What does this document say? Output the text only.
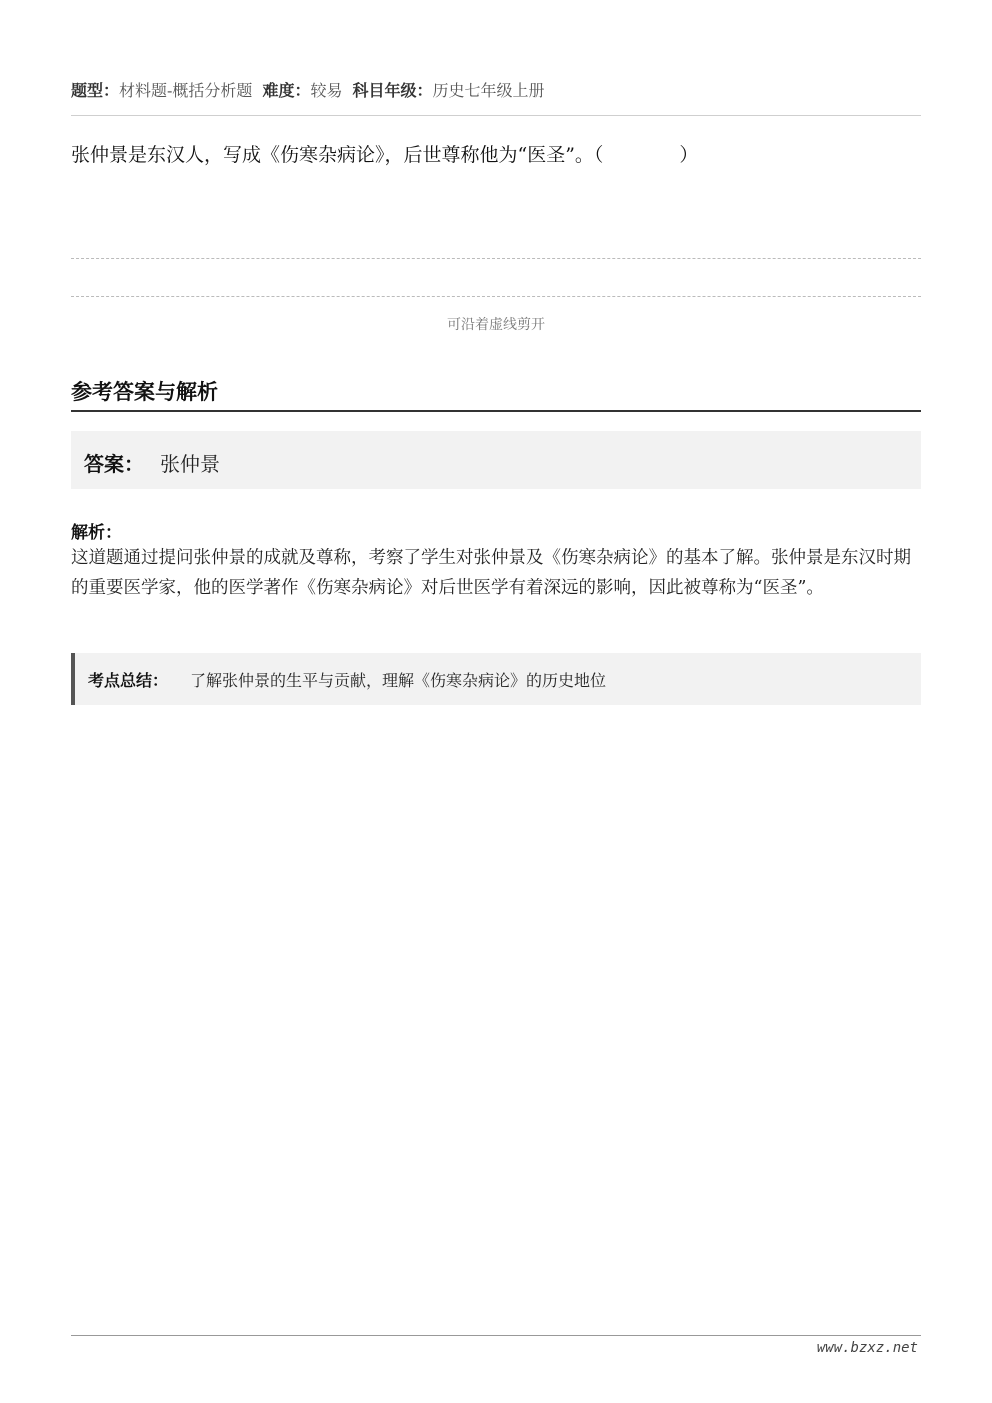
题型：材料题-概括分析题 难度：较易 科目年级：历史七年级上册
张仲景是东汉人，写成《伤寒杂病论》，后世尊称他为“医圣”。（　　　　）
可沿着虚线剪开
参考答案与解析
答案： 张仲景
解析：
这道题通过提问张仲景的成就及尊称，考察了学生对张仲景及《伤寒杂病论》的基本了解。张仲景是东汉时期的重要医学家，他的医学著作《伤寒杂病论》对后世医学有着深远的影响，因此被尊称为“医圣”。
考点总结： 了解张仲景的生平与贡献，理解《伤寒杂病论》的历史地位
www.bzxz.net
